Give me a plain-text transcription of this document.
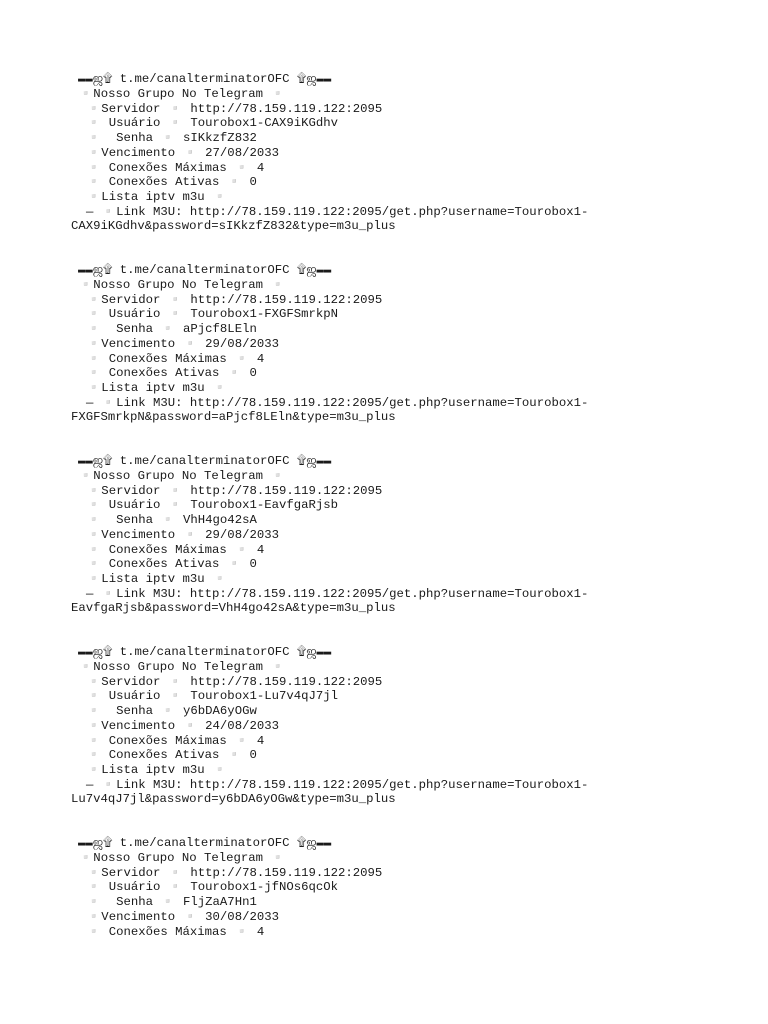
▬▬ஜ۩ t.me/canalterminatorOFC ۩ஜ▬▬
▫️Nosso Grupo No Telegram ▫️
▫️Servidor ▫️ http://78.159.119.122:2095
▫️ Usuário ▫️ Tourobox1-CAX9iKGdhv
▫️  Senha ▫️ sIKkzfZ832
▫️Vencimento ▫️ 27/08/2033
▫️ Conexões Máximas ▫️ 4
▫️ Conexões Ativas ▫️ 0
▫️Lista iptv m3u ▫️
— ▫️Link M3U: http://78.159.119.122:2095/get.php?username=Tourobox1-
CAX9iKGdhv&password=sIKkzfZ832&type=m3u_plus
▬▬ஜ۩ t.me/canalterminatorOFC ۩ஜ▬▬
▫️Nosso Grupo No Telegram ▫️
▫️Servidor ▫️ http://78.159.119.122:2095
▫️ Usuário ▫️ Tourobox1-FXGFSmrkpN
▫️  Senha ▫️ aPjcf8LEln
▫️Vencimento ▫️ 29/08/2033
▫️ Conexões Máximas ▫️ 4
▫️ Conexões Ativas ▫️ 0
▫️Lista iptv m3u ▫️
— ▫️Link M3U: http://78.159.119.122:2095/get.php?username=Tourobox1-
FXGFSmrkpN&password=aPjcf8LEln&type=m3u_plus
▬▬ஜ۩ t.me/canalterminatorOFC ۩ஜ▬▬
▫️Nosso Grupo No Telegram ▫️
▫️Servidor ▫️ http://78.159.119.122:2095
▫️ Usuário ▫️ Tourobox1-EavfgaRjsb
▫️  Senha ▫️ VhH4go42sA
▫️Vencimento ▫️ 29/08/2033
▫️ Conexões Máximas ▫️ 4
▫️ Conexões Ativas ▫️ 0
▫️Lista iptv m3u ▫️
— ▫️Link M3U: http://78.159.119.122:2095/get.php?username=Tourobox1-
EavfgaRjsb&password=VhH4go42sA&type=m3u_plus
▬▬ஜ۩ t.me/canalterminatorOFC ۩ஜ▬▬
▫️Nosso Grupo No Telegram ▫️
▫️Servidor ▫️ http://78.159.119.122:2095
▫️ Usuário ▫️ Tourobox1-Lu7v4qJ7jl
▫️  Senha ▫️ y6bDA6yOGw
▫️Vencimento ▫️ 24/08/2033
▫️ Conexões Máximas ▫️ 4
▫️ Conexões Ativas ▫️ 0
▫️Lista iptv m3u ▫️
— ▫️Link M3U: http://78.159.119.122:2095/get.php?username=Tourobox1-
Lu7v4qJ7jl&password=y6bDA6yOGw&type=m3u_plus
▬▬ஜ۩ t.me/canalterminatorOFC ۩ஜ▬▬
▫️Nosso Grupo No Telegram ▫️
▫️Servidor ▫️ http://78.159.119.122:2095
▫️ Usuário ▫️ Tourobox1-jfNOs6qcOk
▫️  Senha ▫️ FljZaA7Hn1
▫️Vencimento ▫️ 30/08/2033
▫️ Conexões Máximas ▫️ 4
